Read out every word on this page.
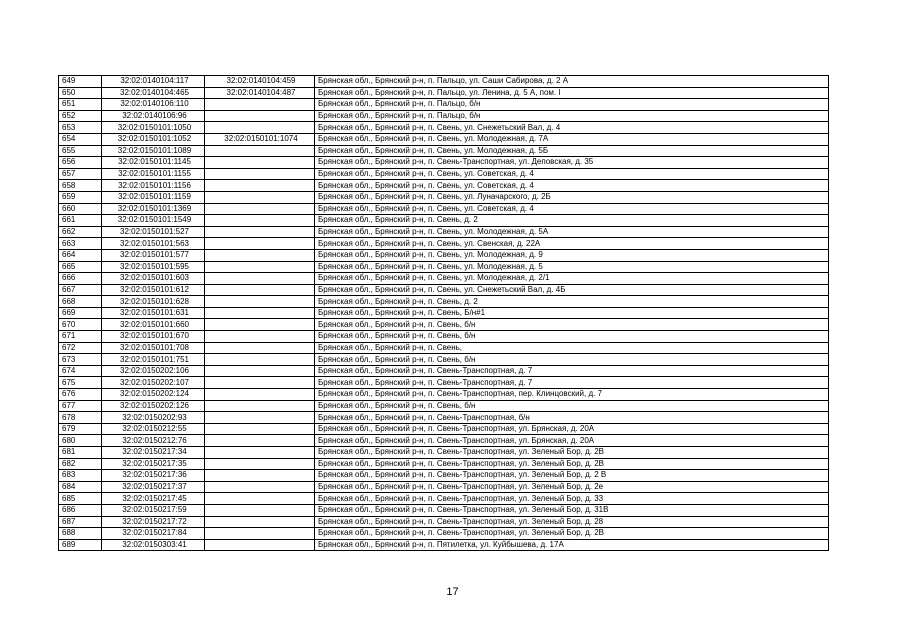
649	32:02:0140104:117	32:02:0140104:459	Брянская обл., Брянский р-н, п. Пальцо, ул. Саши Сабирова, д. 2 А
650	32:02:0140104:465	32:02:0140104:487	Брянская обл., Брянский р-н, п. Пальцо, ул. Ленина, д. 5 А, пом. I
651	32:02:0140106:110		Брянская обл., Брянский р-н, п. Пальцо, б/н
652	32:02:0140106:96		Брянская обл., Брянский р-н, п. Пальцо, б/н
653	32:02:0150101:1050		Брянская обл., Брянский р-н, п. Свень, ул. Снежетьский Вал, д. 4
654	32:02:0150101:1052	32:02:0150101:1074	Брянская обл., Брянский р-н, п. Свень, ул. Молодежная, д. 7А
655	32:02:0150101:1089		Брянская обл., Брянский р-н, п. Свень, ул. Молодежная, д. 5Б
656	32:02:0150101:1145		Брянская обл., Брянский р-н, п. Свень-Транспортная, ул. Деповская, д. 35
657	32:02:0150101:1155		Брянская обл., Брянский р-н, п. Свень, ул. Советская, д. 4
658	32:02:0150101:1156		Брянская обл., Брянский р-н, п. Свень, ул. Советская, д. 4
659	32:02:0150101:1159		Брянская обл., Брянский р-н, п. Свень, ул. Луначарского, д. 2Б
660	32:02:0150101:1369		Брянская обл., Брянский р-н, п. Свень, ул. Советская, д. 4
661	32:02:0150101:1549		Брянская обл., Брянский р-н, п. Свень, д. 2
662	32:02:0150101:527		Брянская обл., Брянский р-н, п. Свень, ул. Молодежная, д. 5А
663	32:02:0150101:563		Брянская обл., Брянский р-н, п. Свень, ул. Свенская, д. 22А
664	32:02:0150101:577		Брянская обл., Брянский р-н, п. Свень, ул. Молодежная, д. 9
665	32:02:0150101:595		Брянская обл., Брянский р-н, п. Свень, ул. Молодежная, д. 5
666	32:02:0150101:603		Брянская обл., Брянский р-н, п. Свень, ул. Молодежная, д. 2/1
667	32:02:0150101:612		Брянская обл., Брянский р-н, п. Свень, ул. Снежетьский Вал, д. 4Б
668	32:02:0150101:628		Брянская обл., Брянский р-н, п. Свень, д. 2
669	32:02:0150101:631		Брянская обл., Брянский р-н, п. Свень, Б/н#1
670	32:02:0150101:660		Брянская обл., Брянский р-н, п. Свень, б/н
671	32:02:0150101:670		Брянская обл., Брянский р-н, п. Свень, б/н
672	32:02:0150101:708		Брянская обл., Брянский р-н, п. Свень,
673	32:02:0150101:751		Брянская обл., Брянский р-н, п. Свень, б/н
674	32:02:0150202:106		Брянская обл., Брянский р-н, п. Свень-Транспортная, д. 7
675	32:02:0150202:107		Брянская обл., Брянский р-н, п. Свень-Транспортная, д. 7
676	32:02:0150202:124		Брянская обл., Брянский р-н, п. Свень-Транспортная, пер. Клинцовский, д. 7
677	32:02:0150202:126		Брянская обл., Брянский р-н, п. Свень, б/н
678	32:02:0150202:93		Брянская обл., Брянский р-н, п. Свень-Транспортная, б/н
679	32:02:0150212:55		Брянская обл., Брянский р-н, п. Свень-Транспортная, ул. Брянская, д. 20А
680	32:02:0150212:76		Брянская обл., Брянский р-н, п. Свень-Транспортная, ул. Брянская, д. 20А
681	32:02:0150217:34		Брянская обл., Брянский р-н, п. Свень-Транспортная, ул. Зеленый Бор, д. 2В
682	32:02:0150217:35		Брянская обл., Брянский р-н, п. Свень-Транспортная, ул. Зеленый Бор, д. 2В
683	32:02:0150217:36		Брянская обл., Брянский р-н, п. Свень-Транспортная, ул. Зеленый Бор, д. 2 В
684	32:02:0150217:37		Брянская обл., Брянский р-н, п. Свень-Транспортная, ул. Зеленый Бор, д. 2е
685	32:02:0150217:45		Брянская обл., Брянский р-н, п. Свень-Транспортная, ул. Зеленый Бор, д. 33
686	32:02:0150217:59		Брянская обл., Брянский р-н, п. Свень-Транспортная, ул. Зеленый Бор, д. 31В
687	32:02:0150217:72		Брянская обл., Брянский р-н, п. Свень-Транспортная, ул. Зеленый Бор, д. 28
688	32:02:0150217:84		Брянская обл., Брянский р-н, п. Свень-Транспортная, ул. Зеленый Бор, д. 2В
689	32:02:0150303:41		Брянская обл., Брянский р-н, п. Пятилетка, ул. Куйбышева, д. 17А
17
